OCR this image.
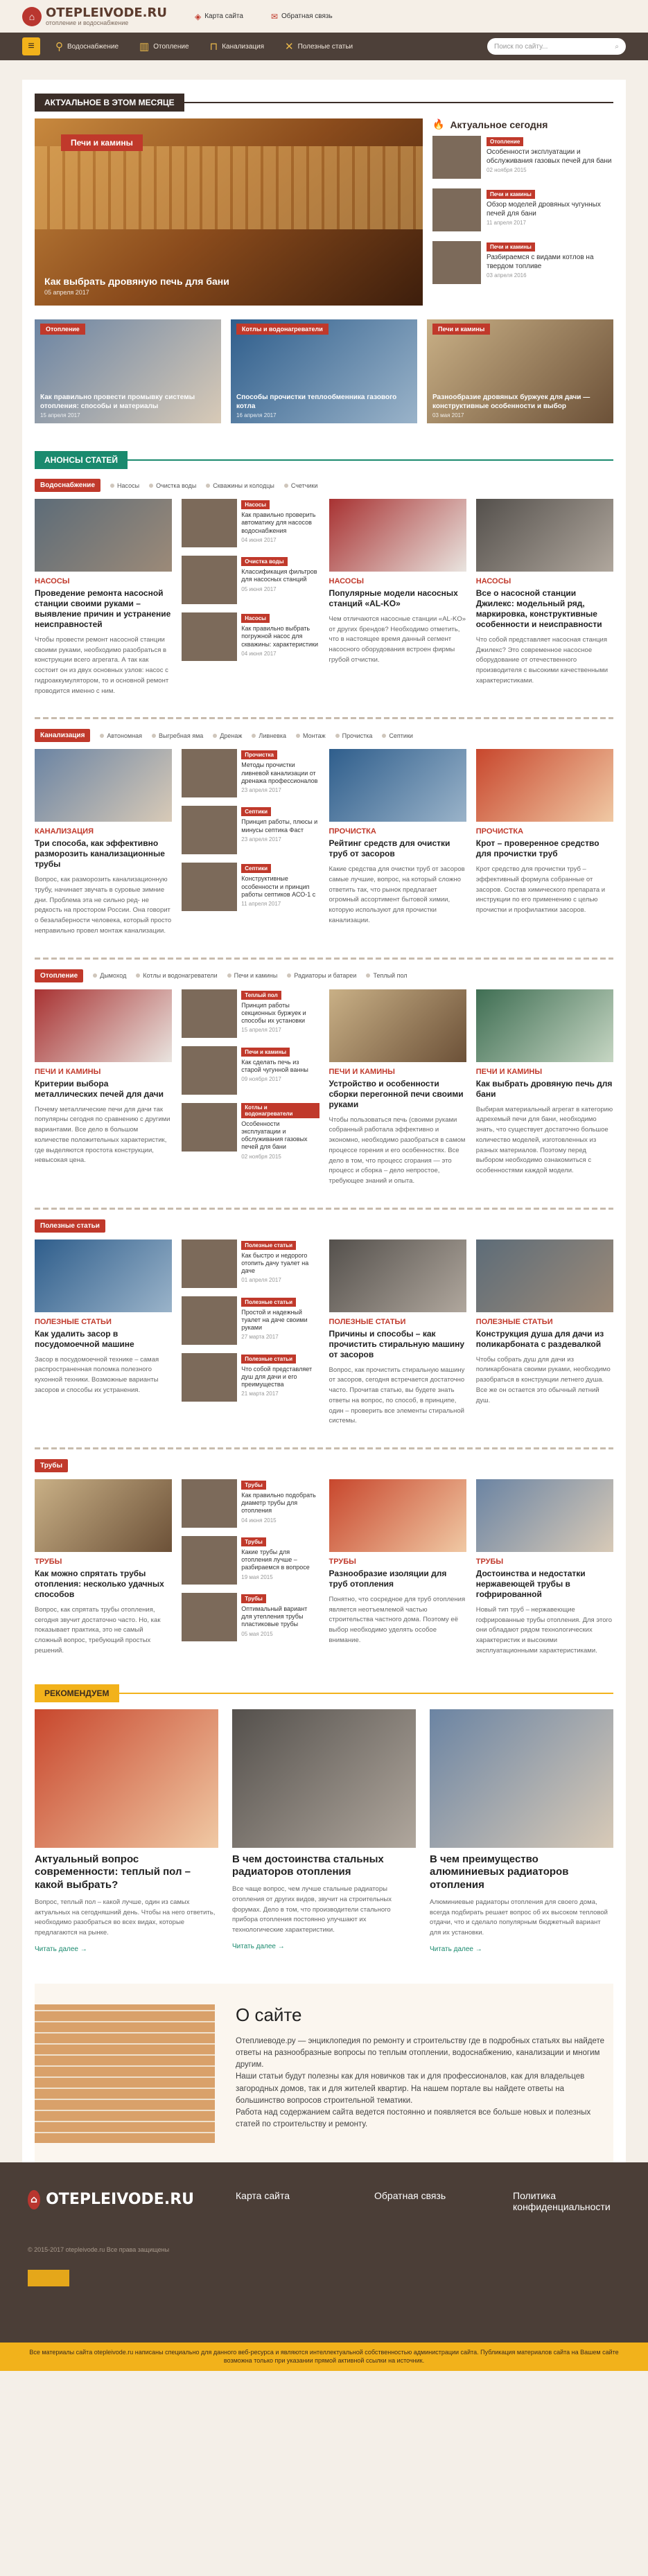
⌂ OTEPLEIVODE.RU
отопление и водоснабжение
◈ Карта сайта	✉ Обратная связь
≡	⚲ Водоснабжение ▥ Отопление ⊓ Канализация ✕ Полезные статьи	Поиск по сайту...	⌕
АКТУАЛЬНОЕ В ЭТОМ МЕСЯЦЕ
Печи и камины
Как выбрать дровяную печь для бани
05 апреля 2017
🔥 Актуальное сегодня
Отопление
Особенности эксплуатации и обслуживания газовых печей для бани
02 ноября 2015
Печи и камины
Обзор моделей дровяных чугунных печей для бани
11 апреля 2017
Печи и камины
Разбираемся с видами котлов на твердом топливе
03 апреля 2016
Отопление
Как правильно провести промывку системы отопления: способы и материалы
15 апреля 2017
Котлы и водонагреватели
Способы прочистки теплообменника газового котла
16 апреля 2017
Печи и камины
Разнообразие дровяных буржуек для дачи — конструктивные особенности и выбор
03 мая 2017
АНОНСЫ СТАТЕЙ
Водоснабжение	Насосы	Очистка воды	Скважины и колодцы	Счетчики
НАСОСЫ
Проведение ремонта насосной станции своими руками – выявление причин и устранение неисправностей
Чтобы провести ремонт насосной станции своими руками, необходимо разобраться в конструкции всего агрегата. А так как состоит он из двух основных узлов: насос с гидроаккумулятором, то и основной ремонт проводится именно с ним.
Насосы
Как правильно проверить автоматику для насосов водоснабжения
04 июня 2017
Очистка воды
Классификация фильтров для насосных станций
05 июня 2017
Насосы
Как правильно выбрать погружной насос для скважины: характеристики
04 июня 2017
НАСОСЫ
Популярные модели насосных станций «AL-KO»
Чем отличаются насосные станции «AL-KO» от других брендов? Необходимо отметить, что в настоящее время данный сегмент насосного оборудования встроен фирмы грубой отчистки.
НАСОСЫ
Все о насосной станции Джилекс: модельный ряд, маркировка, конструктивные особенности и неисправности
Что собой представляет насосная станция Джилекс? Это современное насосное оборудование от отечественного производителя с высокими качественными характеристиками.
Канализация	Автономная	Выгребная яма	Дренаж	Ливневка	Монтаж	Прочистка	Септики
КАНАЛИЗАЦИЯ
Три способа, как эффективно разморозить канализационные трубы
Вопрос, как разморозить канализационную трубу, начинает звучать в суровые зимние дни. Проблема эта не сильно ред- не редкость на простором России. Она говорит о безалаберности человека, который просто неправильно провел монтаж канализации.
Прочистка
Методы прочистки ливневой канализации от дренажа профессионалов
23 апреля 2017
Септики
Принцип работы, плюсы и минусы септика Фаст
23 апреля 2017
Септики
Конструктивные особенности и принцип работы септиков АСО-1 с
11 апреля 2017
ПРОЧИСТКА
Рейтинг средств для очистки труб от засоров
Какие средства для очистки труб от засоров самые лучшие, вопрос, на который сложно ответить так, что рынок предлагает огромный ассортимент бытовой химии, которую используют для прочистки канализации.
ПРОЧИСТКА
Крот – проверенное средство для прочистки труб
Крот средство для прочистки труб – эффективный формула собранные от засоров. Состав химического препарата и инструкции по его применению с целью прочистки и профилактики засоров.
Отопление	Дымоход	Котлы и водонагреватели	Печи и камины	Радиаторы и батареи	Теплый пол
ПЕЧИ И КАМИНЫ
Критерии выбора металлических печей для дачи
Почему металлические печи для дачи так популярны сегодня по сравнению с другими вариантами. Все дело в большом количестве положительных характеристик, где выделяются простота конструкции, невысокая цена.
Теплый пол
Принцип работы секционных буржуек и способы их установки
15 апреля 2017
Печи и камины
Как сделать печь из старой чугунной ванны
09 ноября 2017
Котлы и водонагреватели
Особенности эксплуатации и обслуживания газовых печей для бани
02 ноября 2015
ПЕЧИ И КАМИНЫ
Устройство и особенности сборки перегонной печи своими руками
Чтобы пользоваться печь (своими руками собранный работала эффективно и экономно, необходимо разобраться в самом процессе горения и его особенностях. Все дело в том, что процесс сгорания — это процесс и сборка – дело непростое, требующее знаний и опыта.
ПЕЧИ И КАМИНЫ
Как выбрать дровяную печь для бани
Выбирая материальный агрегат в категорию адрехемый печи для бани, необходимо знать, что существует достаточно большое количество моделей, изготовленных из разных материалов. Поэтому перед выбором необходимо ознакомиться с особенностями каждой модели.
Полезные статьи
ПОЛЕЗНЫЕ СТАТЬИ
Как удалить засор в посудомоечной машине
Засор в посудомоечной технике – самая распространенная поломка полезного кухонной техники. Возможные варианты засоров и способы их устранения.
Полезные статьи
Как быстро и недорого отопить дачу туалет на даче
01 апреля 2017
Полезные статьи
Простой и надежный туалет на даче своими руками
27 марта 2017
Полезные статьи
Что собой представляет душ для дачи и его преимущества
21 марта 2017
ПОЛЕЗНЫЕ СТАТЬИ
Причины и способы – как прочистить стиральную машину от засоров
Вопрос, как прочистить стиральную машину от засоров, сегодня встречается достаточно часто. Прочитав статью, вы будете знать ответы на вопрос, по способ, в принципе, один – проверить все элементы стиральной системы.
ПОЛЕЗНЫЕ СТАТЬИ
Конструкция душа для дачи из поликарбоната с раздевалкой
Чтобы собрать душ для дачи из поликарбоната своими руками, необходимо разобраться в конструкции летнего душа. Все же он остается это обычный летний душ.
Трубы
ТРУБЫ
Как можно спрятать трубы отопления: несколько удачных способов
Вопрос, как спрятать трубы отопления, сегодня звучит достаточно часто. Но, как показывает практика, это не самый сложный вопрос, требующий простых решений.
Трубы
Как правильно подобрать диаметр трубы для отопления
04 июня 2015
Трубы
Какие трубы для отопления лучше – разбираемся в вопросе
19 мая 2015
Трубы
Оптимальный вариант для утепления трубы пластиковые трубы
05 мая 2015
ТРУБЫ
Разнообразие изоляции для труб отопления
Понятно, что сосредное для труб отопления является неотъемлемой частью строительства частного дома. Поэтому её выбор необходимо уделять особое внимание.
ТРУБЫ
Достоинства и недостатки нержавеющей трубы в гофрированной
Новый тип труб – нержавеющие гофрированные трубы отопления. Для этого они обладают рядом технологических характеристик и высокими эксплуатационными характеристиками.
РЕКОМЕНДУЕМ
Актуальный вопрос современности: теплый пол – какой выбрать?
Вопрос, теплый пол – какой лучше, один из самых актуальных на сегодняшний день. Чтобы на него ответить, необходимо разобраться во всех видах, которые предлагаются на рынке.
Читать далее →
В чем достоинства стальных радиаторов отопления
Все чаще вопрос, чем лучше стальные радиаторы отопления от других видов, звучит на строительных форумах. Дело в том, что производители стального прибора отопления постоянно улучшают их технологические характеристики.
Читать далее →
В чем преимущество алюминиевых радиаторов отопления
Алюминиевые радиаторы отопления для своего дома, всегда подбирать решает вопрос об их высоком тепловой отдачи, что и сделало популярным бюджетный вариант для их установки.
Читать далее →
О сайте

Отеплиеводе.ру — энциклопедия по ремонту и строительству где в подробных статьях вы найдете ответы на разнообразные вопросы по теплым отоплении, водоснабжению, канализации и многим другим.

Наши статьи будут полезны как для новичков так и для профессионалов, как для владельцев загородных домов, так и для жителей квартир. На нашем портале вы найдете ответы на большинство вопросов строительной тематики.

Работа над содержанием сайта ведется постоянно и появляется все больше новых и полезных статей по строительству и ремонту.

⌂ OTEPLEIVODE.RU	Карта сайта	Обратная связь	Политика конфиденциальности
© 2015-2017 otepleivode.ru Все права защищены
Все материалы сайта otepleivode.ru написаны специально для данного веб-ресурса и являются интеллектуальной собственностью администрации сайта. Публикация материалов сайта на Вашем сайте возможна только при указании прямой активной ссылки на источник.
